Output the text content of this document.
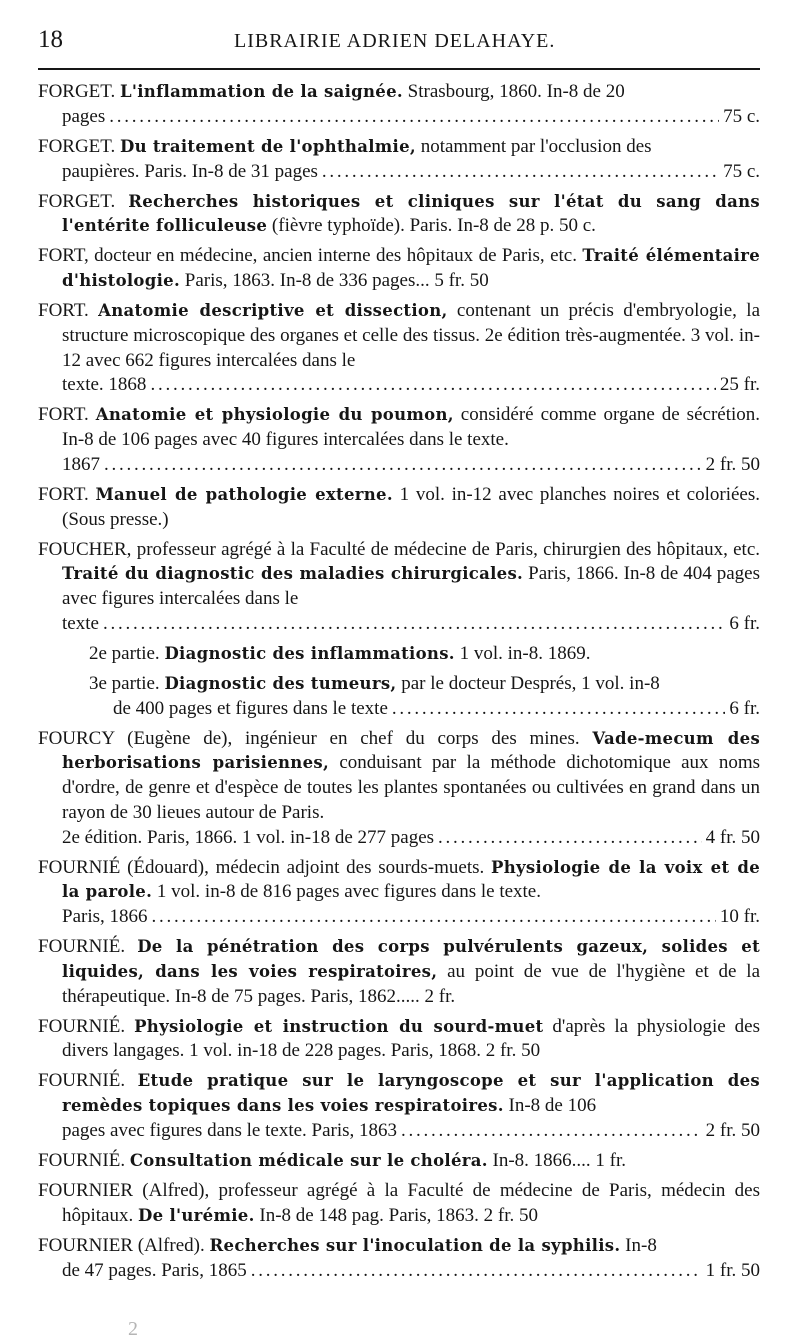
18	LIBRAIRIE ADRIEN DELAHAYE.

FORGET. L'inflammation de la saignée. Strasbourg, 1860. In-8 de 20
pages . . .	75 c.

FORGET. Du traitement de l'ophthalmie, notamment par l'occlusion des
paupières. Paris. In-8 de 31 pages . . .	75 c.

FORGET. Recherches historiques et cliniques sur l'état du sang dans l'entérite folliculeuse (fièvre typhoïde). Paris. In-8 de 28 p. 50 c.

FORT, docteur en médecine, ancien interne des hôpitaux de Paris, etc. Traité élémentaire d'histologie. Paris, 1863. In-8 de 336 pages... 5 fr. 50

FORT. Anatomie descriptive et dissection, contenant un précis d'embryologie, la structure microscopique des organes et celle des tissus. 2e édition très-augmentée. 3 vol. in-12 avec 662 figures intercalées dans le
texte. 1868 . . .	25 fr.

FORT. Anatomie et physiologie du poumon, considéré comme organe de sécrétion. In-8 de 106 pages avec 40 figures intercalées dans le texte.
1867 . . .	2 fr. 50

FORT. Manuel de pathologie externe. 1 vol. in-12 avec planches noires et coloriées. (Sous presse.)

FOUCHER, professeur agrégé à la Faculté de médecine de Paris, chirurgien des hôpitaux, etc. Traité du diagnostic des maladies chirurgicales. Paris, 1866. In-8 de 404 pages avec figures intercalées dans le
texte . . .	6 fr.

2e partie. Diagnostic des inflammations. 1 vol. in-8. 1869.

3e partie. Diagnostic des tumeurs, par le docteur Després, 1 vol. in-8
de 400 pages et figures dans le texte . . .	6 fr.

FOURCY (Eugène de), ingénieur en chef du corps des mines. Vade-mecum des herborisations parisiennes, conduisant par la méthode dichotomique aux noms d'ordre, de genre et d'espèce de toutes les plantes spontanées ou cultivées en grand dans un rayon de 30 lieues autour de Paris.
2e édition. Paris, 1866. 1 vol. in-18 de 277 pages . . .	4 fr. 50

FOURNIÉ (Édouard), médecin adjoint des sourds-muets. Physiologie de la voix et de la parole. 1 vol. in-8 de 816 pages avec figures dans le texte.
Paris, 1866 . . .	10 fr.

FOURNIÉ. De la pénétration des corps pulvérulents gazeux, solides et liquides, dans les voies respiratoires, au point de vue de l'hygiène et de la thérapeutique. In-8 de 75 pages. Paris, 1862..... 2 fr.

FOURNIÉ. Physiologie et instruction du sourd-muet d'après la physiologie des divers langages. 1 vol. in-18 de 228 pages. Paris, 1868. 2 fr. 50

FOURNIÉ. Etude pratique sur le laryngoscope et sur l'application des remèdes topiques dans les voies respiratoires. In-8 de 106
pages avec figures dans le texte. Paris, 1863 . . .	2 fr. 50

FOURNIÉ. Consultation médicale sur le choléra. In-8. 1866.... 1 fr.

FOURNIER (Alfred), professeur agrégé à la Faculté de médecine de Paris, médecin des hôpitaux. De l'urémie. In-8 de 148 pag. Paris, 1863. 2 fr. 50

FOURNIER (Alfred). Recherches sur l'inoculation de la syphilis. In-8
de 47 pages. Paris, 1865 . . .	1 fr. 50

2
